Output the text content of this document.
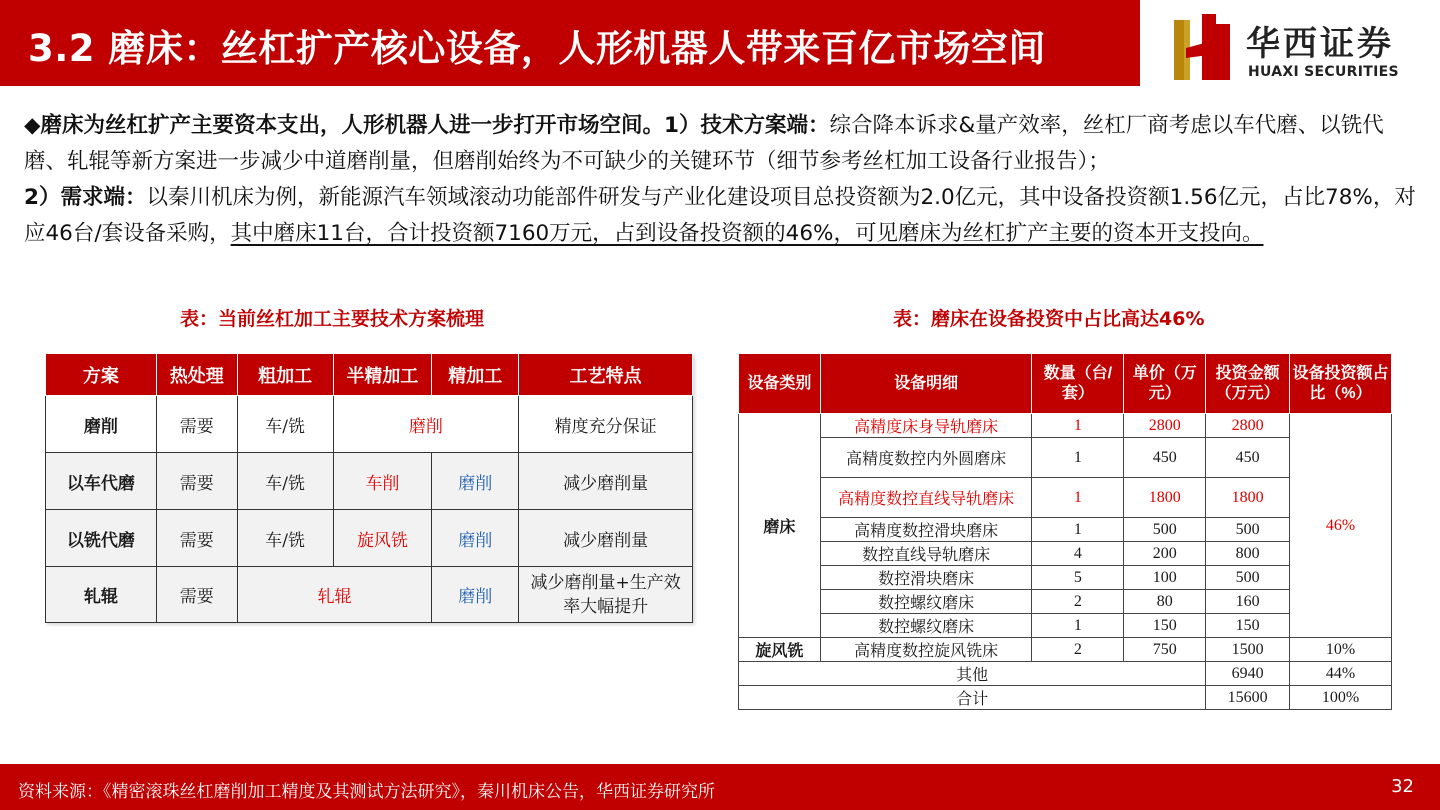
3.2 磨床：丝杠扩产核心设备，人形机器人带来百亿市场空间	华西证券
HUAXI SECURITIES
◆磨床为丝杠扩产主要资本支出，人形机器人进一步打开市场空间。1）技术方案端：综合降本诉求&量产效率，丝杠厂商考虑以车代磨、以铣代磨、轧辊等新方案进一步减少中道磨削量，但磨削始终为不可缺少的关键环节（细节参考丝杠加工设备行业报告）；
2）需求端：以秦川机床为例，新能源汽车领域滚动功能部件研发与产业化建设项目总投资额为2.0亿元，其中设备投资额1.56亿元，占比78%，对应46台/套设备采购，其中磨床11台，合计投资额7160万元，占到设备投资额的46%，可见磨床为丝杠扩产主要的资本开支投向。
表：当前丝杠加工主要技术方案梳理	表：磨床在设备投资中占比高达46%
方案	热处理	粗加工	半精加工	精加工	工艺特点
磨削	需要	车/铣	磨削		精度充分保证
以车代磨	需要	车/铣	车削	磨削	减少磨削量
以铣代磨	需要	车/铣	旋风铣	磨削	减少磨削量
轧辊	需要	轧辊		磨削	减少磨削量+生产效率大幅提升
设备类别	设备明细	数量（台/套）	单价（万元）	投资金额（万元）	设备投资额占比（%）
磨床	高精度床身导轨磨床	1	2800	2800	46%
	高精度数控内外圆磨床	1	450	450	
	高精度数控直线导轨磨床	1	1800	1800	
	高精度数控滑块磨床	1	500	500	
	数控直线导轨磨床	4	200	800	
	数控滑块磨床	5	100	500	
	数控螺纹磨床	2	80	160	
	数控螺纹磨床	1	150	150	
旋风铣	高精度数控旋风铣床	2	750	1500	10%
其他				6940	44%
合计				15600	100%
资料来源：《精密滚珠丝杠磨削加工精度及其测试方法研究》，秦川机床公告，华西证券研究所	32
